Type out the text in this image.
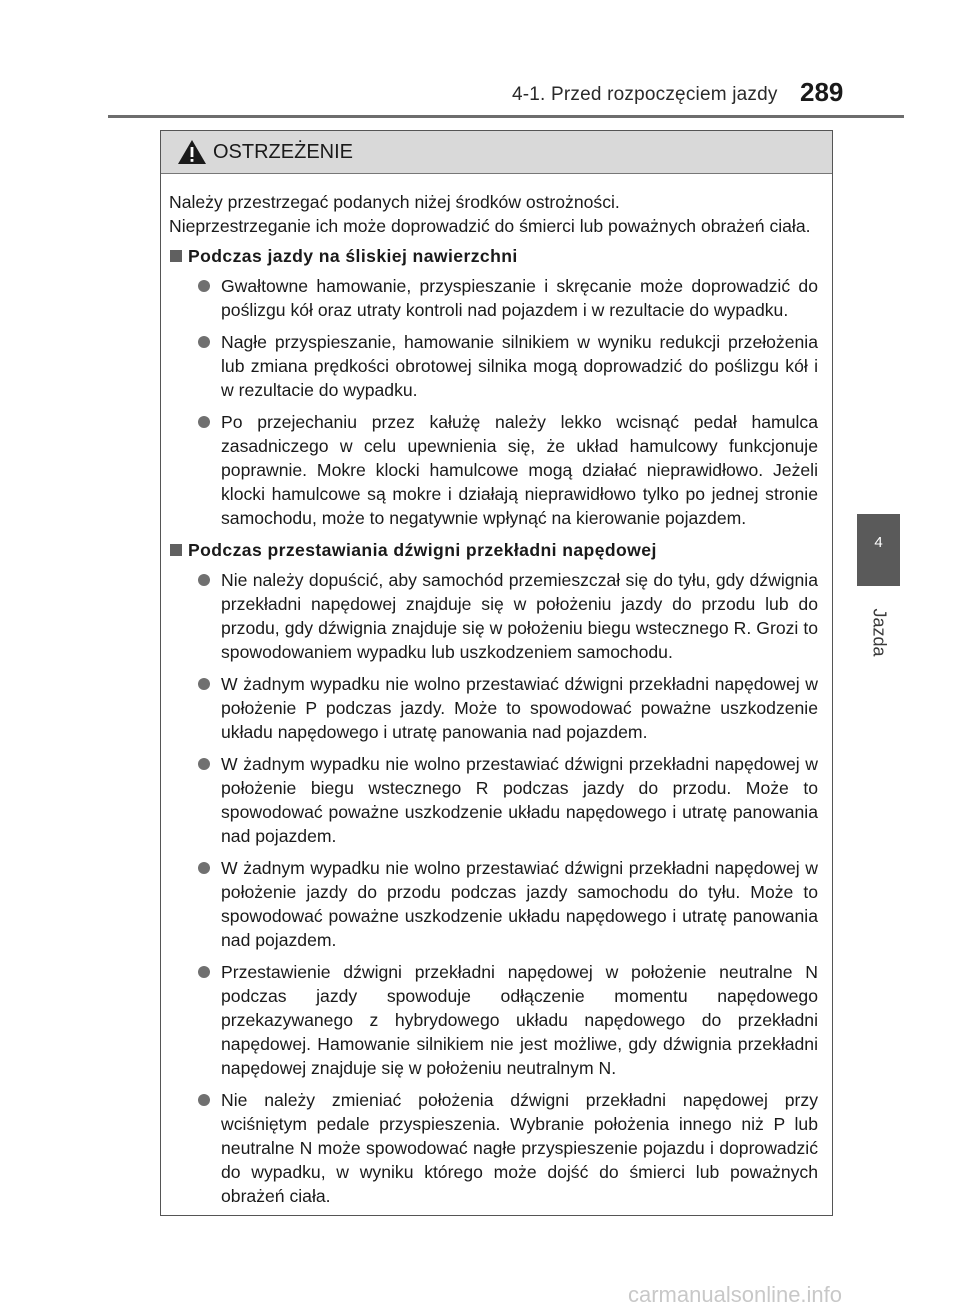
4-1. Przed rozpoczęciem jazdy 289
4
Jazda
OSTRZEŻENIE

Należy przestrzegać podanych niżej środków ostrożności.
Nieprzestrzeganie ich może doprowadzić do śmierci lub poważnych obrażeń ciała.

Podczas jazdy na śliskiej nawierzchni
Gwałtowne hamowanie, przyspieszanie i skręcanie może doprowadzić do poślizgu kół oraz utraty kontroli nad pojazdem i w rezultacie do wypadku.
Nagłe przyspieszanie, hamowanie silnikiem w wyniku redukcji przełożenia lub zmiana prędkości obrotowej silnika mogą doprowadzić do poślizgu kół i w rezultacie do wypadku.
Po przejechaniu przez kałużę należy lekko wcisnąć pedał hamulca zasadniczego w celu upewnienia się, że układ hamulcowy funkcjonuje poprawnie. Mokre klocki hamulcowe mogą działać nieprawidłowo. Jeżeli klocki hamulcowe są mokre i działają nieprawidłowo tylko po jednej stronie samochodu, może to negatywnie wpłynąć na kierowanie pojazdem.
Podczas przestawiania dźwigni przekładni napędowej
Nie należy dopuścić, aby samochód przemieszczał się do tyłu, gdy dźwignia przekładni napędowej znajduje się w położeniu jazdy do przodu lub do przodu, gdy dźwignia znajduje się w położeniu biegu wstecznego R. Grozi to spowodowaniem wypadku lub uszkodzeniem samochodu.
W żadnym wypadku nie wolno przestawiać dźwigni przekładni napędowej w położenie P podczas jazdy. Może to spowodować poważne uszkodzenie układu napędowego i utratę panowania nad pojazdem.
W żadnym wypadku nie wolno przestawiać dźwigni przekładni napędowej w położenie biegu wstecznego R podczas jazdy do przodu. Może to spowodować poważne uszkodzenie układu napędowego i utratę panowania nad pojazdem.
W żadnym wypadku nie wolno przestawiać dźwigni przekładni napędowej w położenie jazdy do przodu podczas jazdy samochodu do tyłu. Może to spowodować poważne uszkodzenie układu napędowego i utratę panowania nad pojazdem.
Przestawienie dźwigni przekładni napędowej w położenie neutralne N podczas jazdy spowoduje odłączenie momentu napędowego przekazywanego z hybrydowego układu napędowego do przekładni napędowej. Hamowanie silnikiem nie jest możliwe, gdy dźwignia przekładni napędowej znajduje się w położeniu neutralnym N.
Nie należy zmieniać położenia dźwigni przekładni napędowej przy wciśniętym pedale przyspieszenia. Wybranie położenia innego niż P lub neutralne N może spowodować nagłe przyspieszenie pojazdu i doprowadzić do wypadku, w wyniku którego może dojść do śmierci lub poważnych obrażeń ciała.
carmanualsonline.info
